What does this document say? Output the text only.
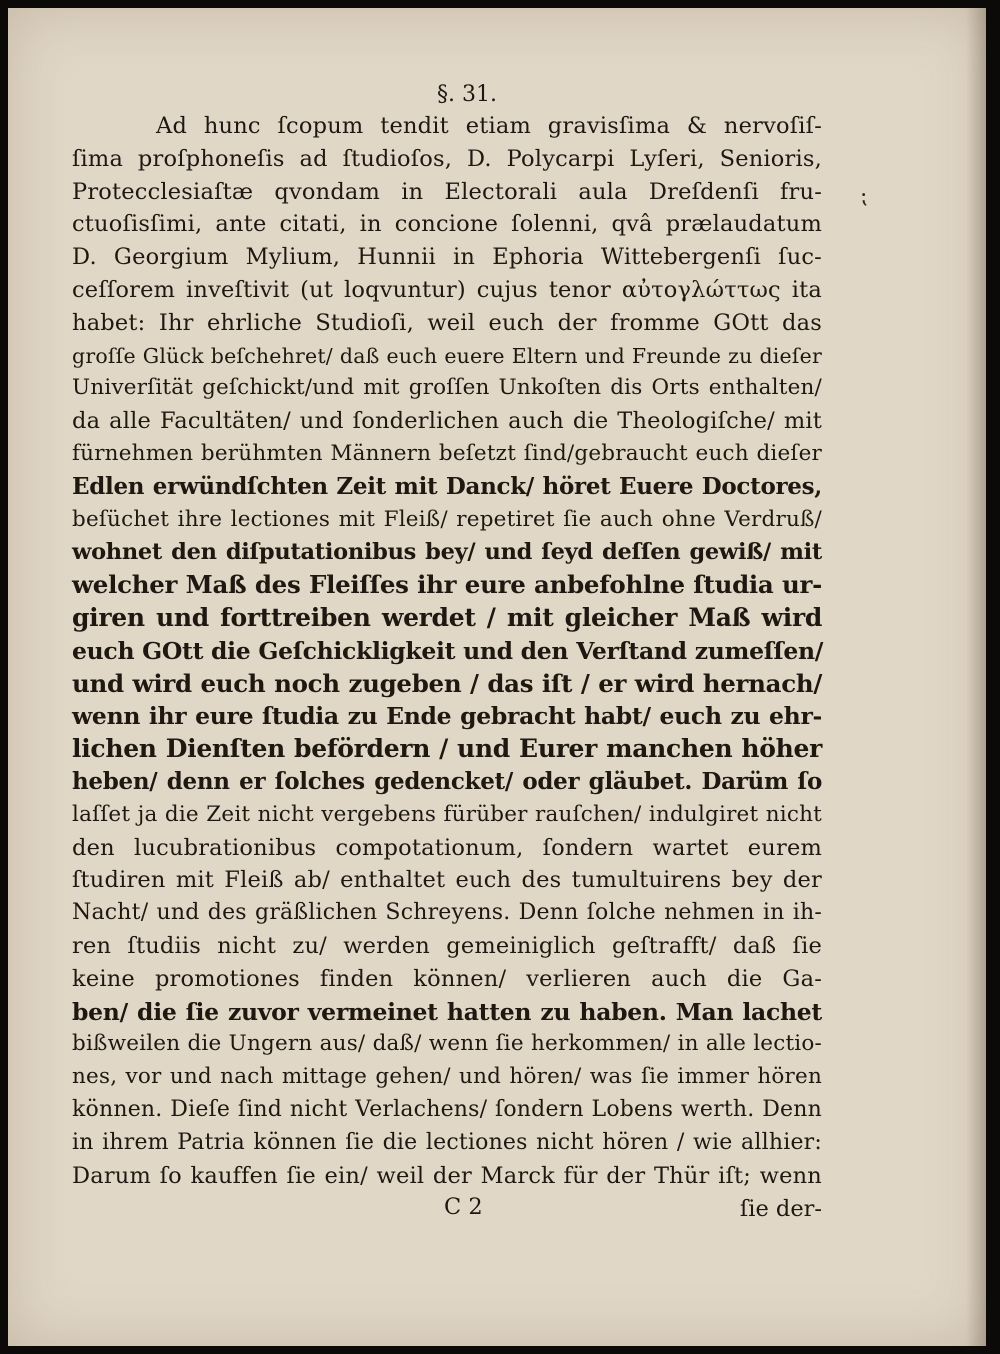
⁏
§. 31.
Ad hunc ſcopum tendit etiam gravisſima & nervoſiſ-
ſima proſphoneſis ad ſtudioſos, D. Polycarpi Lyſeri, Senioris,
Protecclesiaſtæ qvondam in Electorali aula Dreſdenſi fru-
ctuoſisſimi, ante citati, in concione ſolenni, qvâ prælaudatum
D. Georgium Mylium, Hunnii in Ephoria Wittebergenſi ſuc-
ceſſorem inveſtivit (ut loqvuntur) cujus tenor αὐτογλώττως ita
habet: Ihr ehrliche Studioſi, weil euch der fromme GOtt das
groſſe Glück beſchehret/ daß euch euere Eltern und Freunde zu dieſer
Univerſität geſchickt/und mit groſſen Unkoſten dis Orts enthalten/
da alle Facultäten/ und ſonderlichen auch die Theologiſche/ mit
fürnehmen berühmten Männern beſetzt ſind/gebraucht euch dieſer
Edlen erwündſchten Zeit mit Danck/ höret Euere Doctores,
beſüchet ihre lectiones mit Fleiß/ repetiret ſie auch ohne Verdruß/
wohnet den diſputationibus bey/ und ſeyd deſſen gewiß/ mit
welcher Maß des Fleiſſes ihr eure anbefohlne ſtudia ur-
giren und forttreiben werdet / mit gleicher Maß wird
euch GOtt die Geſchickligkeit und den Verſtand zumeſſen/
und wird euch noch zugeben / das iſt / er wird hernach/
wenn ihr eure ſtudia zu Ende gebracht habt/ euch zu ehr-
lichen Dienſten befördern / und Eurer manchen höher
heben/ denn er ſolches gedencket/ oder gläubet. Darüm ſo
laſſet ja die Zeit nicht vergebens fürüber rauſchen/ indulgiret nicht
den lucubrationibus compotationum, ſondern wartet eurem
ſtudiren mit Fleiß ab/ enthaltet euch des tumultuirens bey der
Nacht/ und des gräßlichen Schreyens. Denn ſolche nehmen in ih-
ren ſtudiis nicht zu/ werden gemeiniglich geſtrafft/ daß ſie
keine promotiones finden können/ verlieren auch die Ga-
ben/ die ſie zuvor vermeinet hatten zu haben. Man lachet
bißweilen die Ungern aus/ daß/ wenn ſie herkommen/ in alle lectio-
nes, vor und nach mittage gehen/ und hören/ was ſie immer hören
können. Dieſe ſind nicht Verlachens/ ſondern Lobens werth. Denn
in ihrem Patria können ſie die lectiones nicht hören / wie allhier:
Darum ſo kauffen ſie ein/ weil der Marck für der Thür iſt; wenn
C 2	ſie der-
